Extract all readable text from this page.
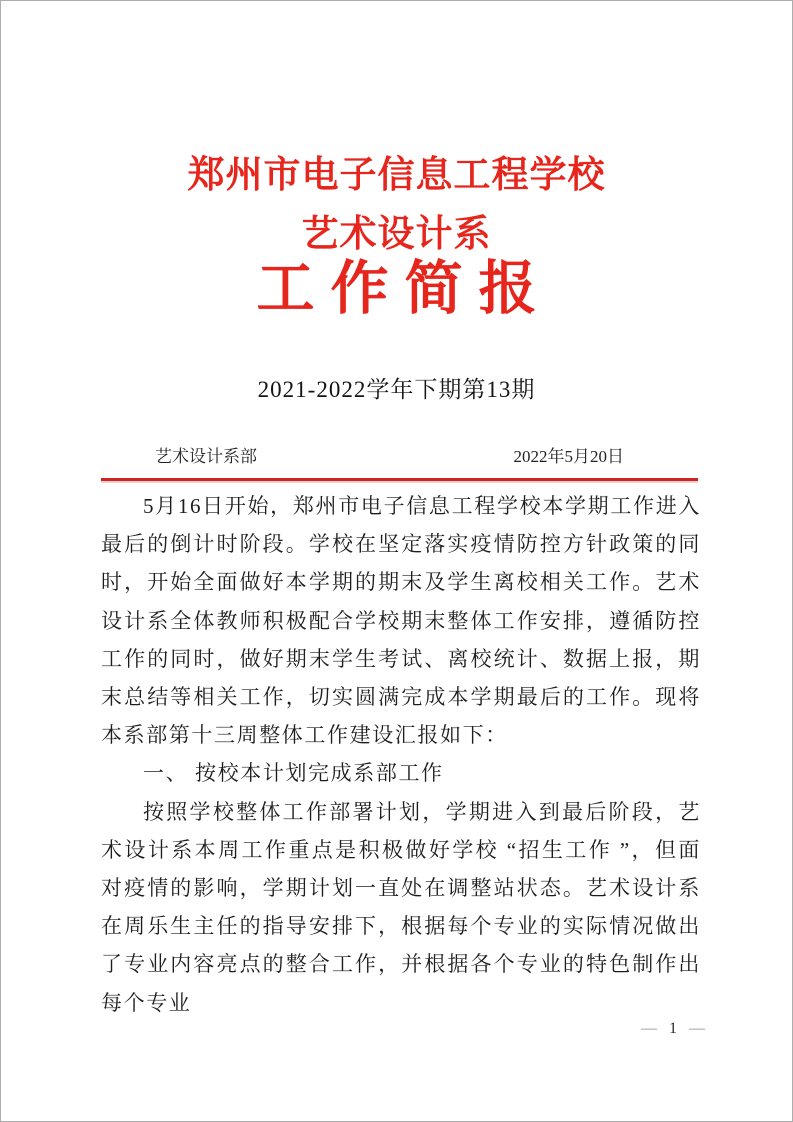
郑州市电子信息工程学校
艺术设计系
工作简报
2021-2022学年下期第13期
艺术设计系部	2022年5月20日

5月16日开始，郑州市电子信息工程学校本学期工作进入最后的倒计时阶段。学校在坚定落实疫情防控方针政策的同时，开始全面做好本学期的期末及学生离校相关工作。艺术设计系全体教师积极配合学校期末整体工作安排，遵循防控工作的同时，做好期末学生考试、离校统计、数据上报，期末总结等相关工作，切实圆满完成本学期最后的工作。现将本系部第十三周整体工作建设汇报如下：

一、 按校本计划完成系部工作

按照学校整体工作部署计划，学期进入到最后阶段，艺术设计系本周工作重点是积极做好学校 “招生工作 ”，但面对疫情的影响，学期计划一直处在调整站状态。艺术设计系在周乐生主任的指导安排下，根据每个专业的实际情况做出了专业内容亮点的整合工作，并根据各个专业的特色制作出每个专业

— 1 —
